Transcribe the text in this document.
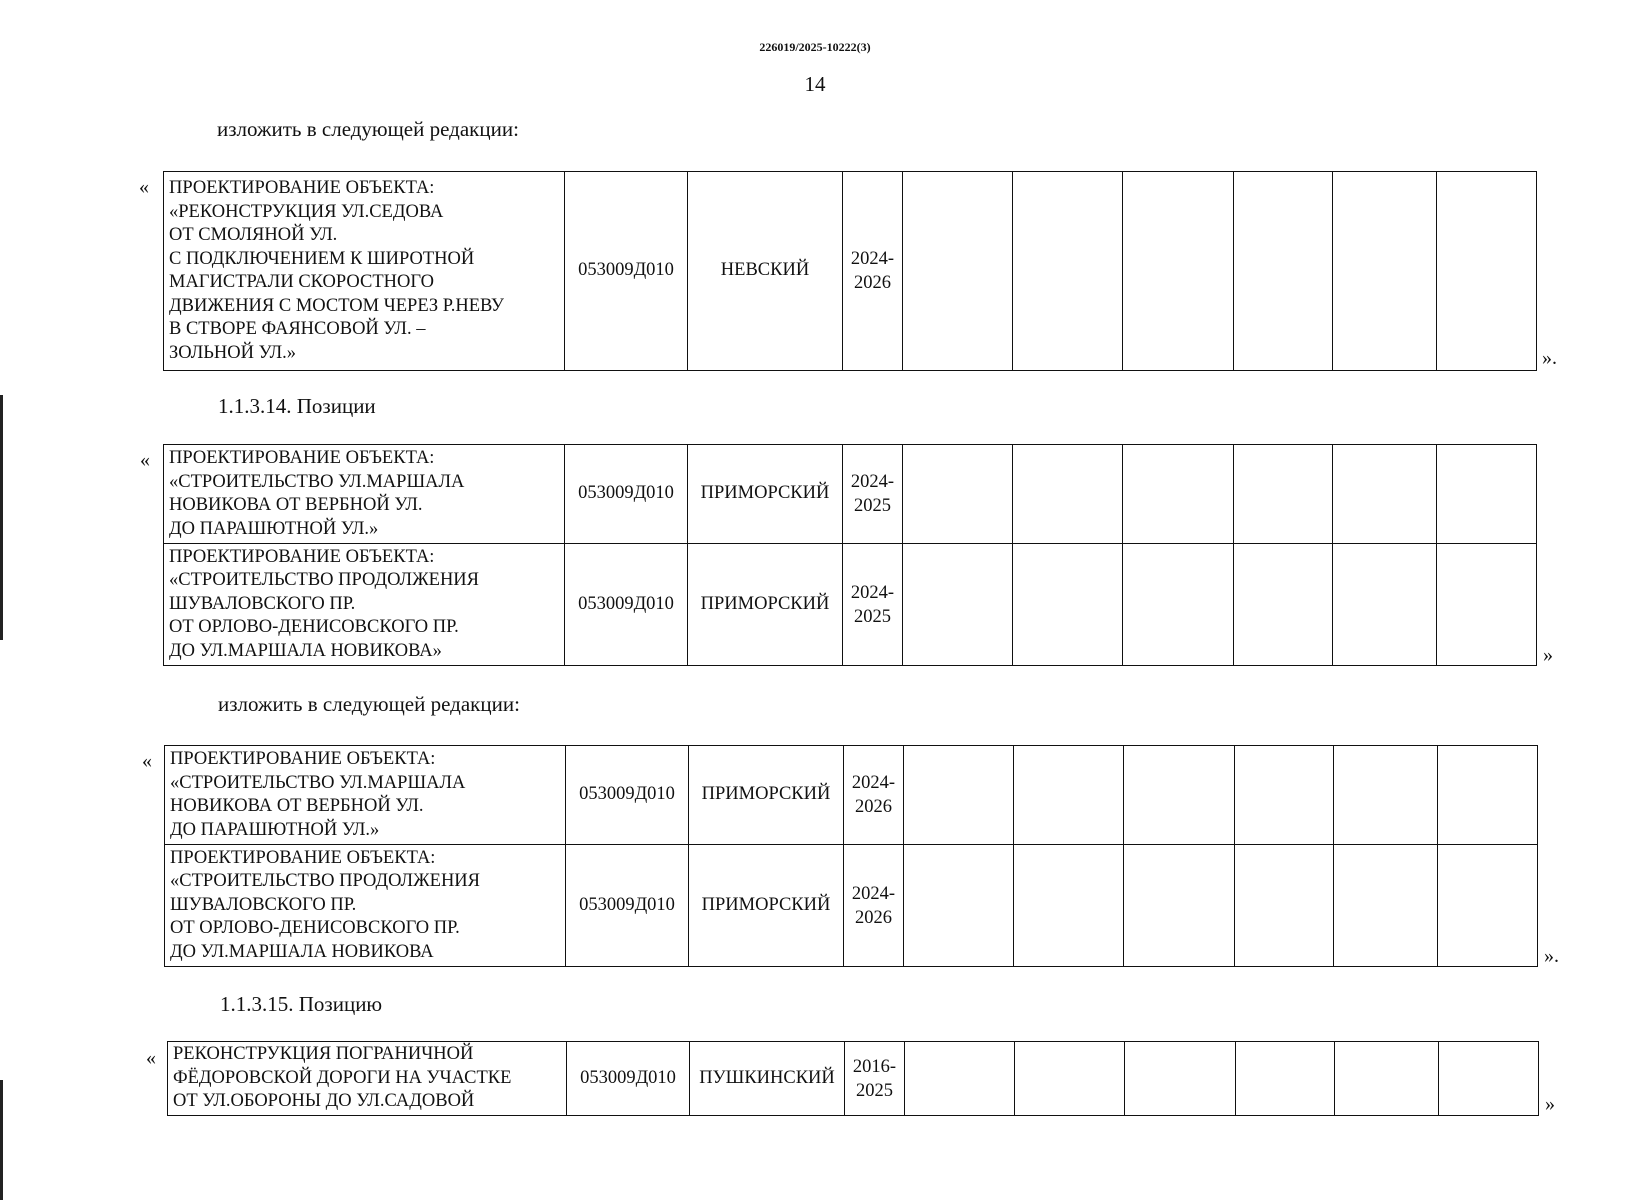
226019/2025-10222(3)
14
изложить в следующей редакции:
« ПРОЕКТИРОВАНИЕ ОБЪЕКТА:
«РЕКОНСТРУКЦИЯ УЛ.СЕДОВА
ОТ СМОЛЯНОЙ УЛ.
С ПОДКЛЮЧЕНИЕМ К ШИРОТНОЙ
МАГИСТРАЛИ СКОРОСТНОГО
ДВИЖЕНИЯ С МОСТОМ ЧЕРЕЗ Р.НЕВУ
В СТВОРЕ ФАЯНСОВОЙ УЛ. –
ЗОЛЬНОЙ УЛ.»	053009Д010	НЕВСКИЙ	2024-
2026						
».
1.1.3.14. Позиции
« ПРОЕКТИРОВАНИЕ ОБЪЕКТА:
«СТРОИТЕЛЬСТВО УЛ.МАРШАЛА
НОВИКОВА ОТ ВЕРБНОЙ УЛ.
ДО ПАРАШЮТНОЙ УЛ.»	053009Д010	ПРИМОРСКИЙ	2024-
2025						
ПРОЕКТИРОВАНИЕ ОБЪЕКТА:
«СТРОИТЕЛЬСТВО ПРОДОЛЖЕНИЯ
ШУВАЛОВСКОГО ПР.
ОТ ОРЛОВО-ДЕНИСОВСКОГО ПР.
ДО УЛ.МАРШАЛА НОВИКОВА»	053009Д010	ПРИМОРСКИЙ	2024-
2025						
»
изложить в следующей редакции:
« ПРОЕКТИРОВАНИЕ ОБЪЕКТА:
«СТРОИТЕЛЬСТВО УЛ.МАРШАЛА
НОВИКОВА ОТ ВЕРБНОЙ УЛ.
ДО ПАРАШЮТНОЙ УЛ.»	053009Д010	ПРИМОРСКИЙ	2024-
2026						
ПРОЕКТИРОВАНИЕ ОБЪЕКТА:
«СТРОИТЕЛЬСТВО ПРОДОЛЖЕНИЯ
ШУВАЛОВСКОГО ПР.
ОТ ОРЛОВО-ДЕНИСОВСКОГО ПР.
ДО УЛ.МАРШАЛА НОВИКОВА	053009Д010	ПРИМОРСКИЙ	2024-
2026						
».
1.1.3.15. Позицию
« РЕКОНСТРУКЦИЯ ПОГРАНИЧНОЙ
ФЁДОРОВСКОЙ ДОРОГИ НА УЧАСТКЕ
ОТ УЛ.ОБОРОНЫ ДО УЛ.САДОВОЙ	053009Д010	ПУШКИНСКИЙ	2016-
2025						
»
